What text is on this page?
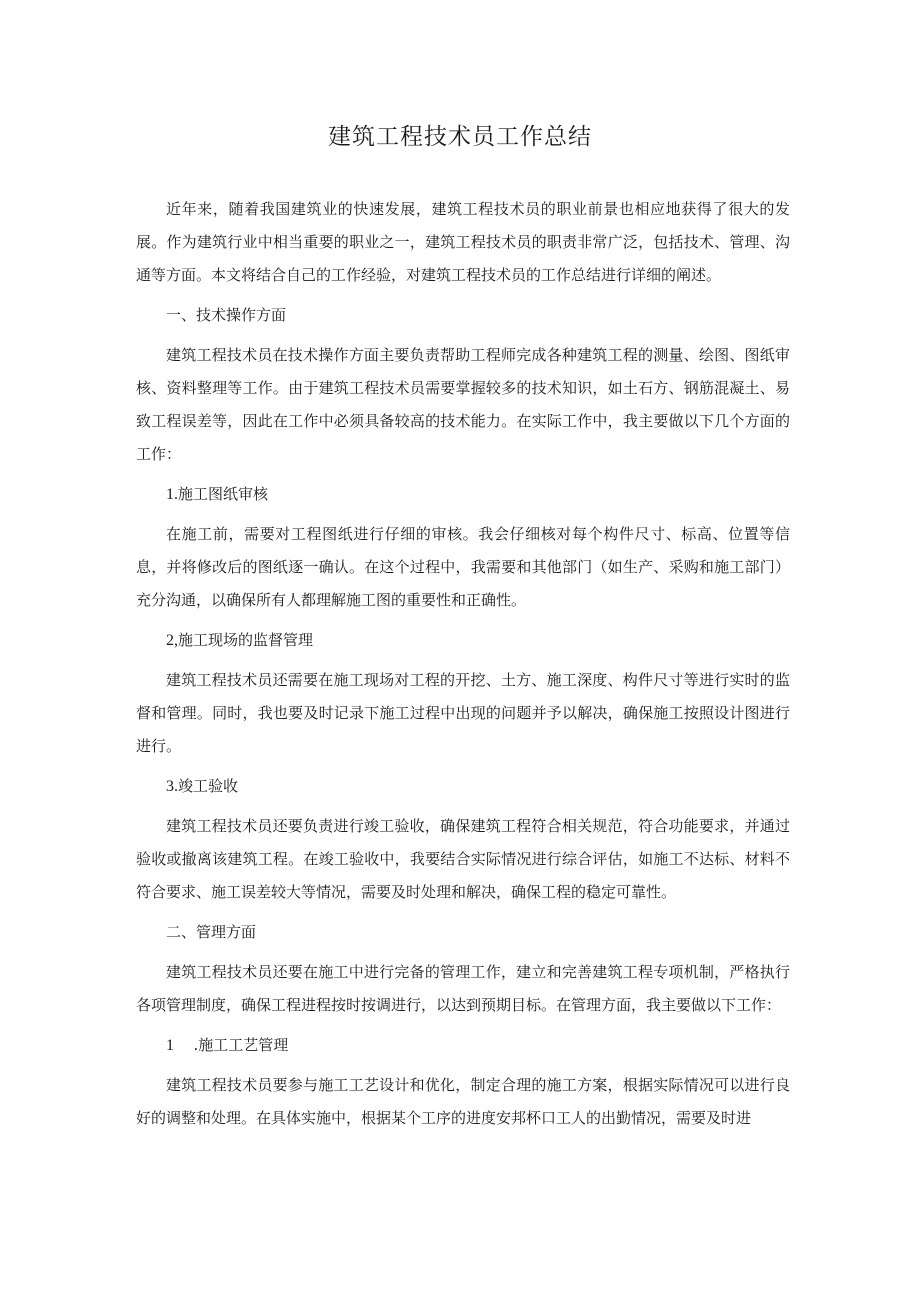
建筑工程技术员工作总结

近年来，随着我国建筑业的快速发展，建筑工程技术员的职业前景也相应地获得了很大的发展。作为建筑行业中相当重要的职业之一，建筑工程技术员的职责非常广泛，包括技术、管理、沟通等方面。本文将结合自己的工作经验，对建筑工程技术员的工作总结进行详细的阐述。

一、技术操作方面

建筑工程技术员在技术操作方面主要负责帮助工程师完成各种建筑工程的测量、绘图、图纸审核、资料整理等工作。由于建筑工程技术员需要掌握较多的技术知识，如土石方、钢筋混凝土、易致工程误差等，因此在工作中必须具备较高的技术能力。在实际工作中，我主要做以下几个方面的工作：

1.施工图纸审核

在施工前，需要对工程图纸进行仔细的审核。我会仔细核对每个构件尺寸、标高、位置等信息，并将修改后的图纸逐一确认。在这个过程中，我需要和其他部门（如生产、采购和施工部门）充分沟通，以确保所有人都理解施工图的重要性和正确性。

2,施工现场的监督管理

建筑工程技术员还需要在施工现场对工程的开挖、土方、施工深度、构件尺寸等进行实时的监督和管理。同时，我也要及时记录下施工过程中出现的问题并予以解决，确保施工按照设计图进行进行。

3.竣工验收

建筑工程技术员还要负责进行竣工验收，确保建筑工程符合相关规范，符合功能要求，并通过验收或撤离该建筑工程。在竣工验收中，我要结合实际情况进行综合评估，如施工不达标、材料不符合要求、施工误差较大等情况，需要及时处理和解决，确保工程的稳定可靠性。

二、管理方面

建筑工程技术员还要在施工中进行完备的管理工作，建立和完善建筑工程专项机制，严格执行各项管理制度，确保工程进程按时按调进行，以达到预期目标。在管理方面，我主要做以下工作：

1 .施工工艺管理

建筑工程技术员要参与施工工艺设计和优化，制定合理的施工方案，根据实际情况可以进行良好的调整和处理。在具体实施中，根据某个工序的进度安邦杯口工人的出勤情况，需要及时进
